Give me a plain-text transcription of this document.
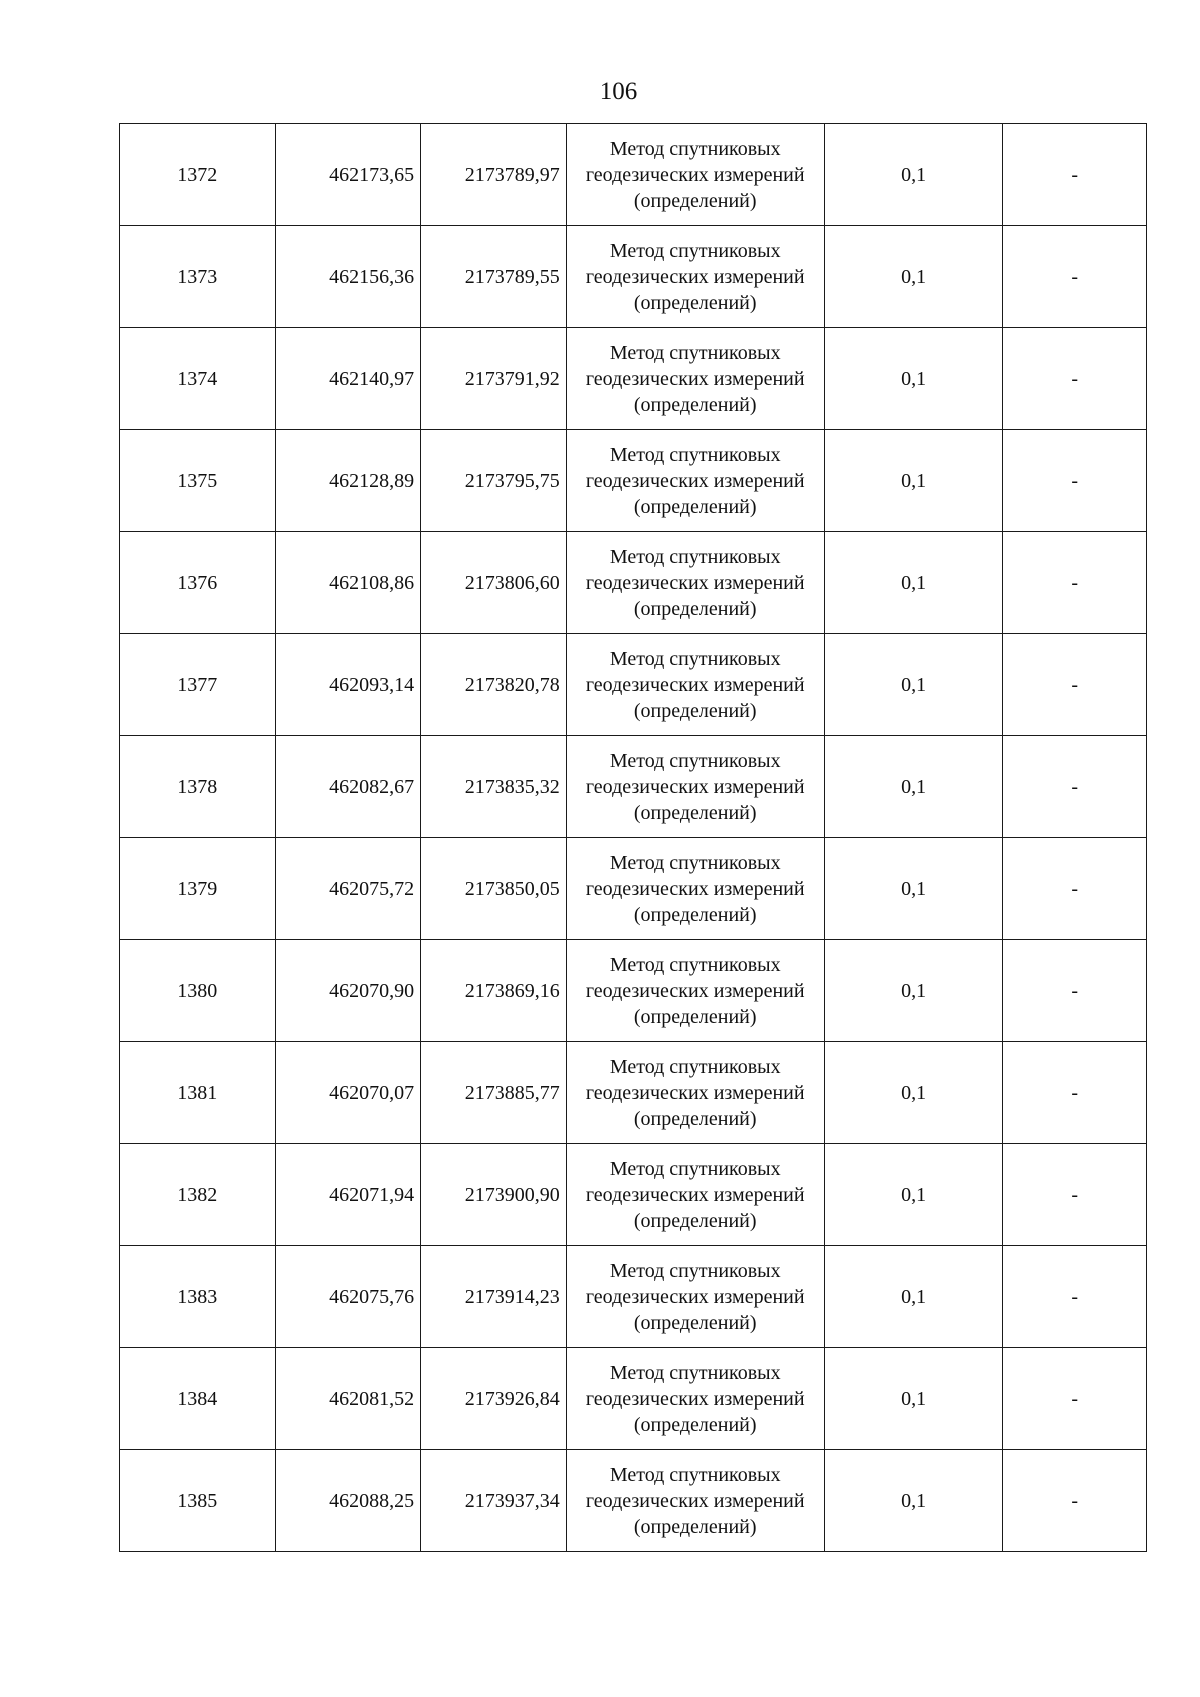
106
1372	462173,65	2173789,97	Метод спутниковых
геодезических измерений
(определений)	0,1	-
1373	462156,36	2173789,55	Метод спутниковых
геодезических измерений
(определений)	0,1	-
1374	462140,97	2173791,92	Метод спутниковых
геодезических измерений
(определений)	0,1	-
1375	462128,89	2173795,75	Метод спутниковых
геодезических измерений
(определений)	0,1	-
1376	462108,86	2173806,60	Метод спутниковых
геодезических измерений
(определений)	0,1	-
1377	462093,14	2173820,78	Метод спутниковых
геодезических измерений
(определений)	0,1	-
1378	462082,67	2173835,32	Метод спутниковых
геодезических измерений
(определений)	0,1	-
1379	462075,72	2173850,05	Метод спутниковых
геодезических измерений
(определений)	0,1	-
1380	462070,90	2173869,16	Метод спутниковых
геодезических измерений
(определений)	0,1	-
1381	462070,07	2173885,77	Метод спутниковых
геодезических измерений
(определений)	0,1	-
1382	462071,94	2173900,90	Метод спутниковых
геодезических измерений
(определений)	0,1	-
1383	462075,76	2173914,23	Метод спутниковых
геодезических измерений
(определений)	0,1	-
1384	462081,52	2173926,84	Метод спутниковых
геодезических измерений
(определений)	0,1	-
1385	462088,25	2173937,34	Метод спутниковых
геодезических измерений
(определений)	0,1	-
